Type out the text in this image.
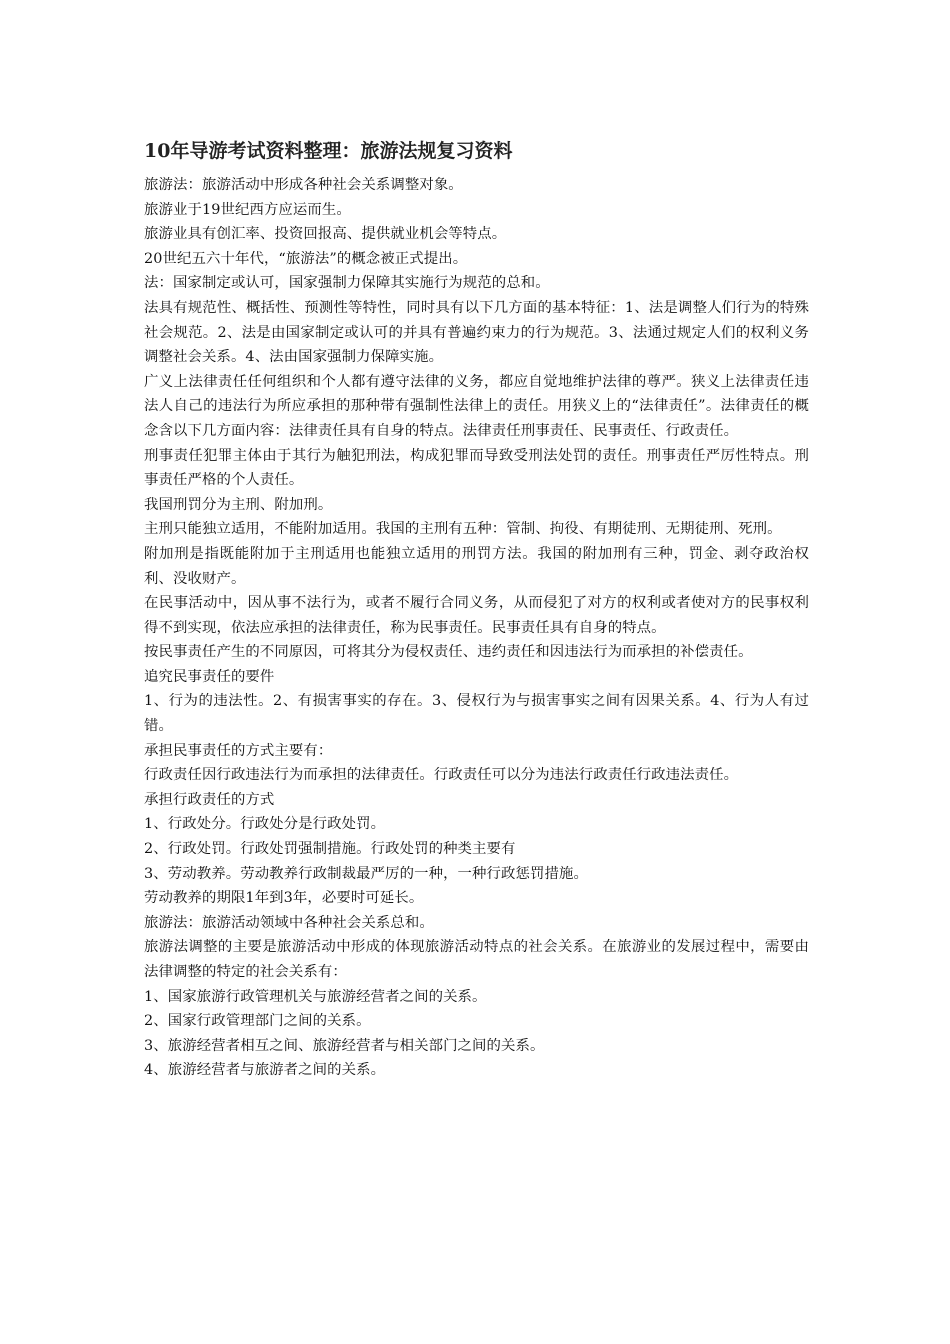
10年导游考试资料整理：旅游法规复习资料

旅游法：旅游活动中形成各种社会关系调整对象。

旅游业于19世纪西方应运而生。

旅游业具有创汇率、投资回报高、提供就业机会等特点。

20世纪五六十年代，“旅游法”的概念被正式提出。

法：国家制定或认可，国家强制力保障其实施行为规范的总和。

法具有规范性、概括性、预测性等特性，同时具有以下几方面的基本特征：1、法是调整人们行为的特殊社会规范。2、法是由国家制定或认可的并具有普遍约束力的行为规范。3、法通过规定人们的权利义务调整社会关系。4、法由国家强制力保障实施。

广义上法律责任任何组织和个人都有遵守法律的义务，都应自觉地维护法律的尊严。狭义上法律责任违法人自己的违法行为所应承担的那种带有强制性法律上的责任。用狭义上的“法律责任”。法律责任的概念含以下几方面内容：法律责任具有自身的特点。法律责任刑事责任、民事责任、行政责任。

刑事责任犯罪主体由于其行为触犯刑法，构成犯罪而导致受刑法处罚的责任。刑事责任严厉性特点。刑事责任严格的个人责任。

我国刑罚分为主刑、附加刑。

主刑只能独立适用，不能附加适用。我国的主刑有五种：管制、拘役、有期徒刑、无期徒刑、死刑。

附加刑是指既能附加于主刑适用也能独立适用的刑罚方法。我国的附加刑有三种，罚金、剥夺政治权利、没收财产。

在民事活动中，因从事不法行为，或者不履行合同义务，从而侵犯了对方的权利或者使对方的民事权利得不到实现，依法应承担的法律责任，称为民事责任。民事责任具有自身的特点。

按民事责任产生的不同原因，可将其分为侵权责任、违约责任和因违法行为而承担的补偿责任。

追究民事责任的要件

1、行为的违法性。2、有损害事实的存在。3、侵权行为与损害事实之间有因果关系。4、行为人有过错。

承担民事责任的方式主要有：

行政责任因行政违法行为而承担的法律责任。行政责任可以分为违法行政责任行政违法责任。

承担行政责任的方式

1、行政处分。行政处分是行政处罚。

2、行政处罚。行政处罚强制措施。行政处罚的种类主要有

3、劳动教养。劳动教养行政制裁最严厉的一种，一种行政惩罚措施。

劳动教养的期限1年到3年，必要时可延长。

旅游法：旅游活动领域中各种社会关系总和。

旅游法调整的主要是旅游活动中形成的体现旅游活动特点的社会关系。在旅游业的发展过程中，需要由法律调整的特定的社会关系有：

1、国家旅游行政管理机关与旅游经营者之间的关系。

2、国家行政管理部门之间的关系。

3、旅游经营者相互之间、旅游经营者与相关部门之间的关系。

4、旅游经营者与旅游者之间的关系。
